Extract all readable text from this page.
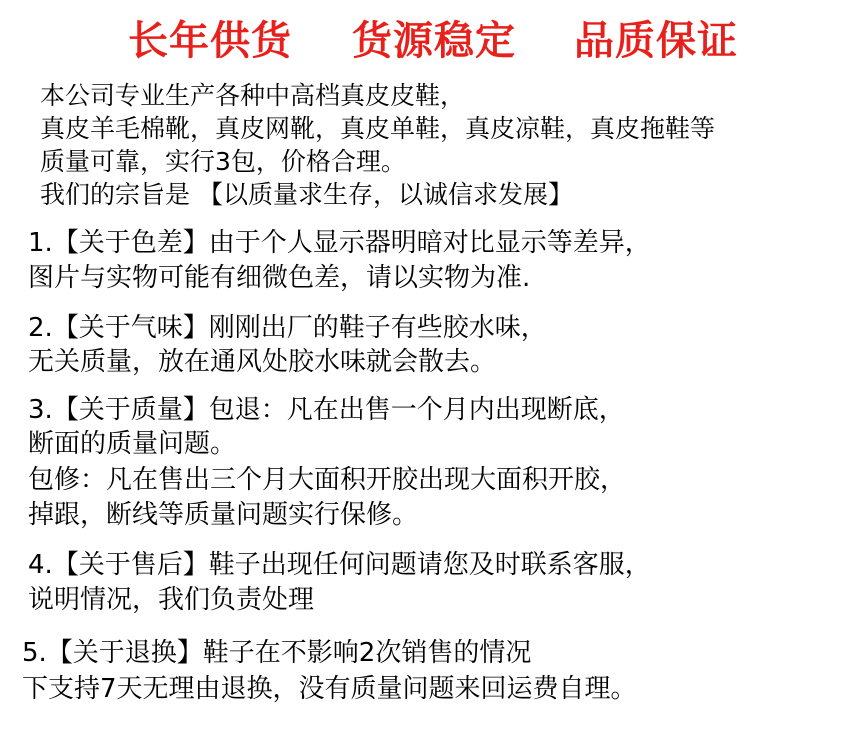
长年供货 货源稳定 品质保证
本公司专业生产各种中高档真皮皮鞋，
真皮羊毛棉靴，真皮网靴，真皮单鞋，真皮凉鞋，真皮拖鞋等
质量可靠，实行3包，价格合理。
我们的宗旨是 【以质量求生存，以诚信求发展】
1.【关于色差】由于个人显示器明暗对比显示等差异，
图片与实物可能有细微色差，请以实物为准.
2.【关于气味】刚刚出厂的鞋子有些胶水味，
无关质量，放在通风处胶水味就会散去。
3.【关于质量】包退：凡在出售一个月内出现断底，
断面的质量问题。
包修：凡在售出三个月大面积开胶出现大面积开胶，
掉跟，断线等质量问题实行保修。
4.【关于售后】鞋子出现任何问题请您及时联系客服，
说明情况，我们负责处理
5.【关于退换】鞋子在不影响2次销售的情况
下支持7天无理由退换，没有质量问题来回运费自理。
